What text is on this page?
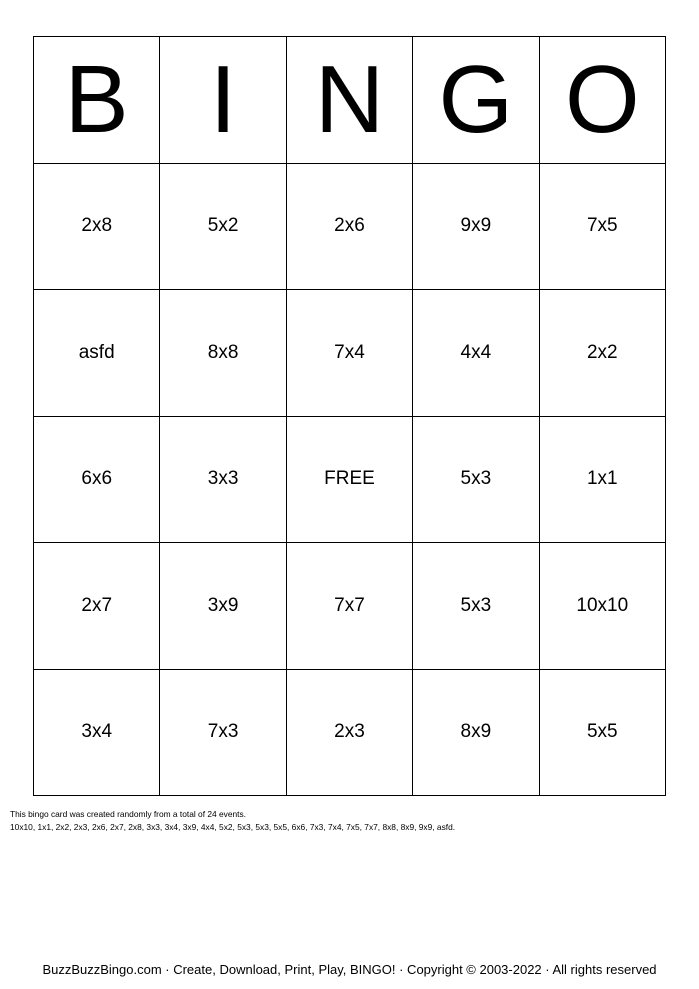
B	I	N	G	O
2x8	5x2	2x6	9x9	7x5
asfd	8x8	7x4	4x4	2x2
6x6	3x3	FREE	5x3	1x1
2x7	3x9	7x7	5x3	10x10
3x4	7x3	2x3	8x9	5x5
This bingo card was created randomly from a total of 24 events.
10x10, 1x1, 2x2, 2x3, 2x6, 2x7, 2x8, 3x3, 3x4, 3x9, 4x4, 5x2, 5x3, 5x3, 5x5, 6x6, 7x3, 7x4, 7x5, 7x7, 8x8, 8x9, 9x9, asfd.
BuzzBuzzBingo.com · Create, Download, Print, Play, BINGO! · Copyright © 2003-2022 · All rights reserved
